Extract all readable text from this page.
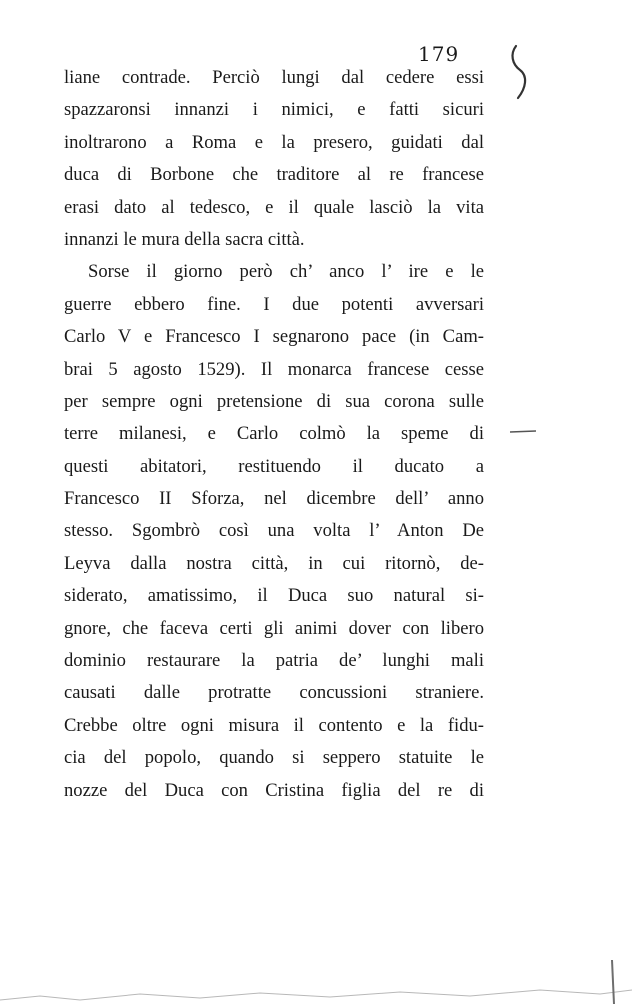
179
liane contrade. Perciò lungi dal cedere essi
spazzaronsi innanzi i nimici, e fatti sicuri
inoltrarono a Roma e la presero, guidati dal
duca di Borbone che traditore al re francese
erasi dato al tedesco, e il quale lasciò la vita
innanzi le mura della sacra città.
Sorse il giorno però ch’ anco l’ ire e le
guerre ebbero fine. I due potenti avversari
Carlo V e Francesco I segnarono pace (in Cam-
brai 5 agosto 1529). Il monarca francese cesse
per sempre ogni pretensione di sua corona sulle
terre milanesi, e Carlo colmò la speme di
questi abitatori, restituendo il ducato a
Francesco II Sforza, nel dicembre dell’ anno
stesso. Sgombrò così una volta l’ Anton De
Leyva dalla nostra città, in cui ritornò, de-
siderato, amatissimo, il Duca suo natural si-
gnore, che faceva certi gli animi dover con libero
dominio restaurare la patria de’ lunghi mali
causati dalle protratte concussioni straniere.
Crebbe oltre ogni misura il contento e la fidu-
cia del popolo, quando si seppero statuite le
nozze del Duca con Cristina figlia del re di
